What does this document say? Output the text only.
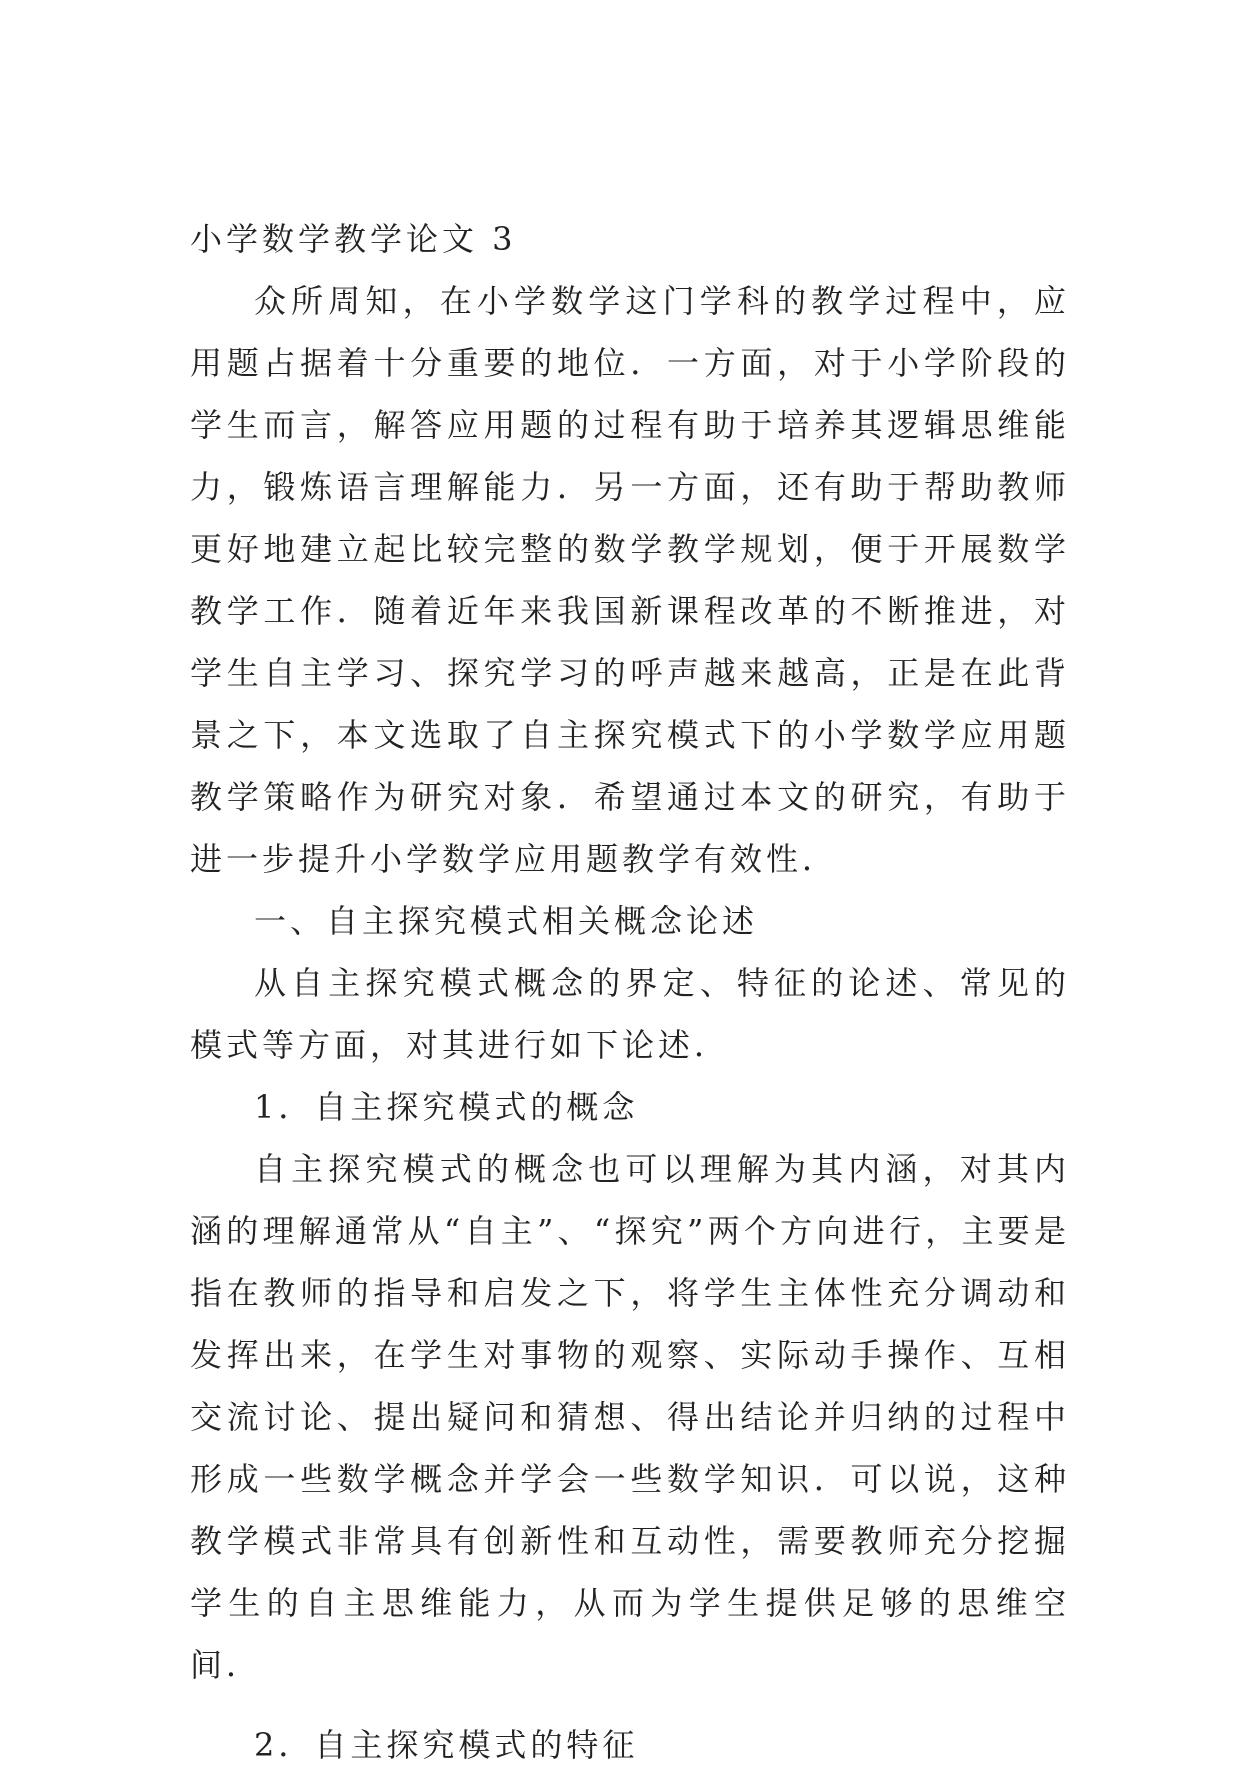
小学数学教学论文 3

众所周知，在小学数学这门学科的教学过程中，应用题占据着十分重要的地位．一方面，对于小学阶段的学生而言，解答应用题的过程有助于培养其逻辑思维能力，锻炼语言理解能力．另一方面，还有助于帮助教师更好地建立起比较完整的数学教学规划，便于开展数学教学工作．随着近年来我国新课程改革的不断推进，对学生自主学习、探究学习的呼声越来越高，正是在此背景之下，本文选取了自主探究模式下的小学数学应用题教学策略作为研究对象．希望通过本文的研究，有助于进一步提升小学数学应用题教学有效性．

一、自主探究模式相关概念论述

从自主探究模式概念的界定、特征的论述、常见的模式等方面，对其进行如下论述．

1．自主探究模式的概念

自主探究模式的概念也可以理解为其内涵，对其内涵的理解通常从“自主”、“探究”两个方向进行，主要是指在教师的指导和启发之下，将学生主体性充分调动和发挥出来，在学生对事物的观察、实际动手操作、互相交流讨论、提出疑问和猜想、得出结论并归纳的过程中形成一些数学概念并学会一些数学知识．可以说，这种教学模式非常具有创新性和互动性，需要教师充分挖掘学生的自主思维能力，从而为学生提供足够的思维空间．

2．自主探究模式的特征
